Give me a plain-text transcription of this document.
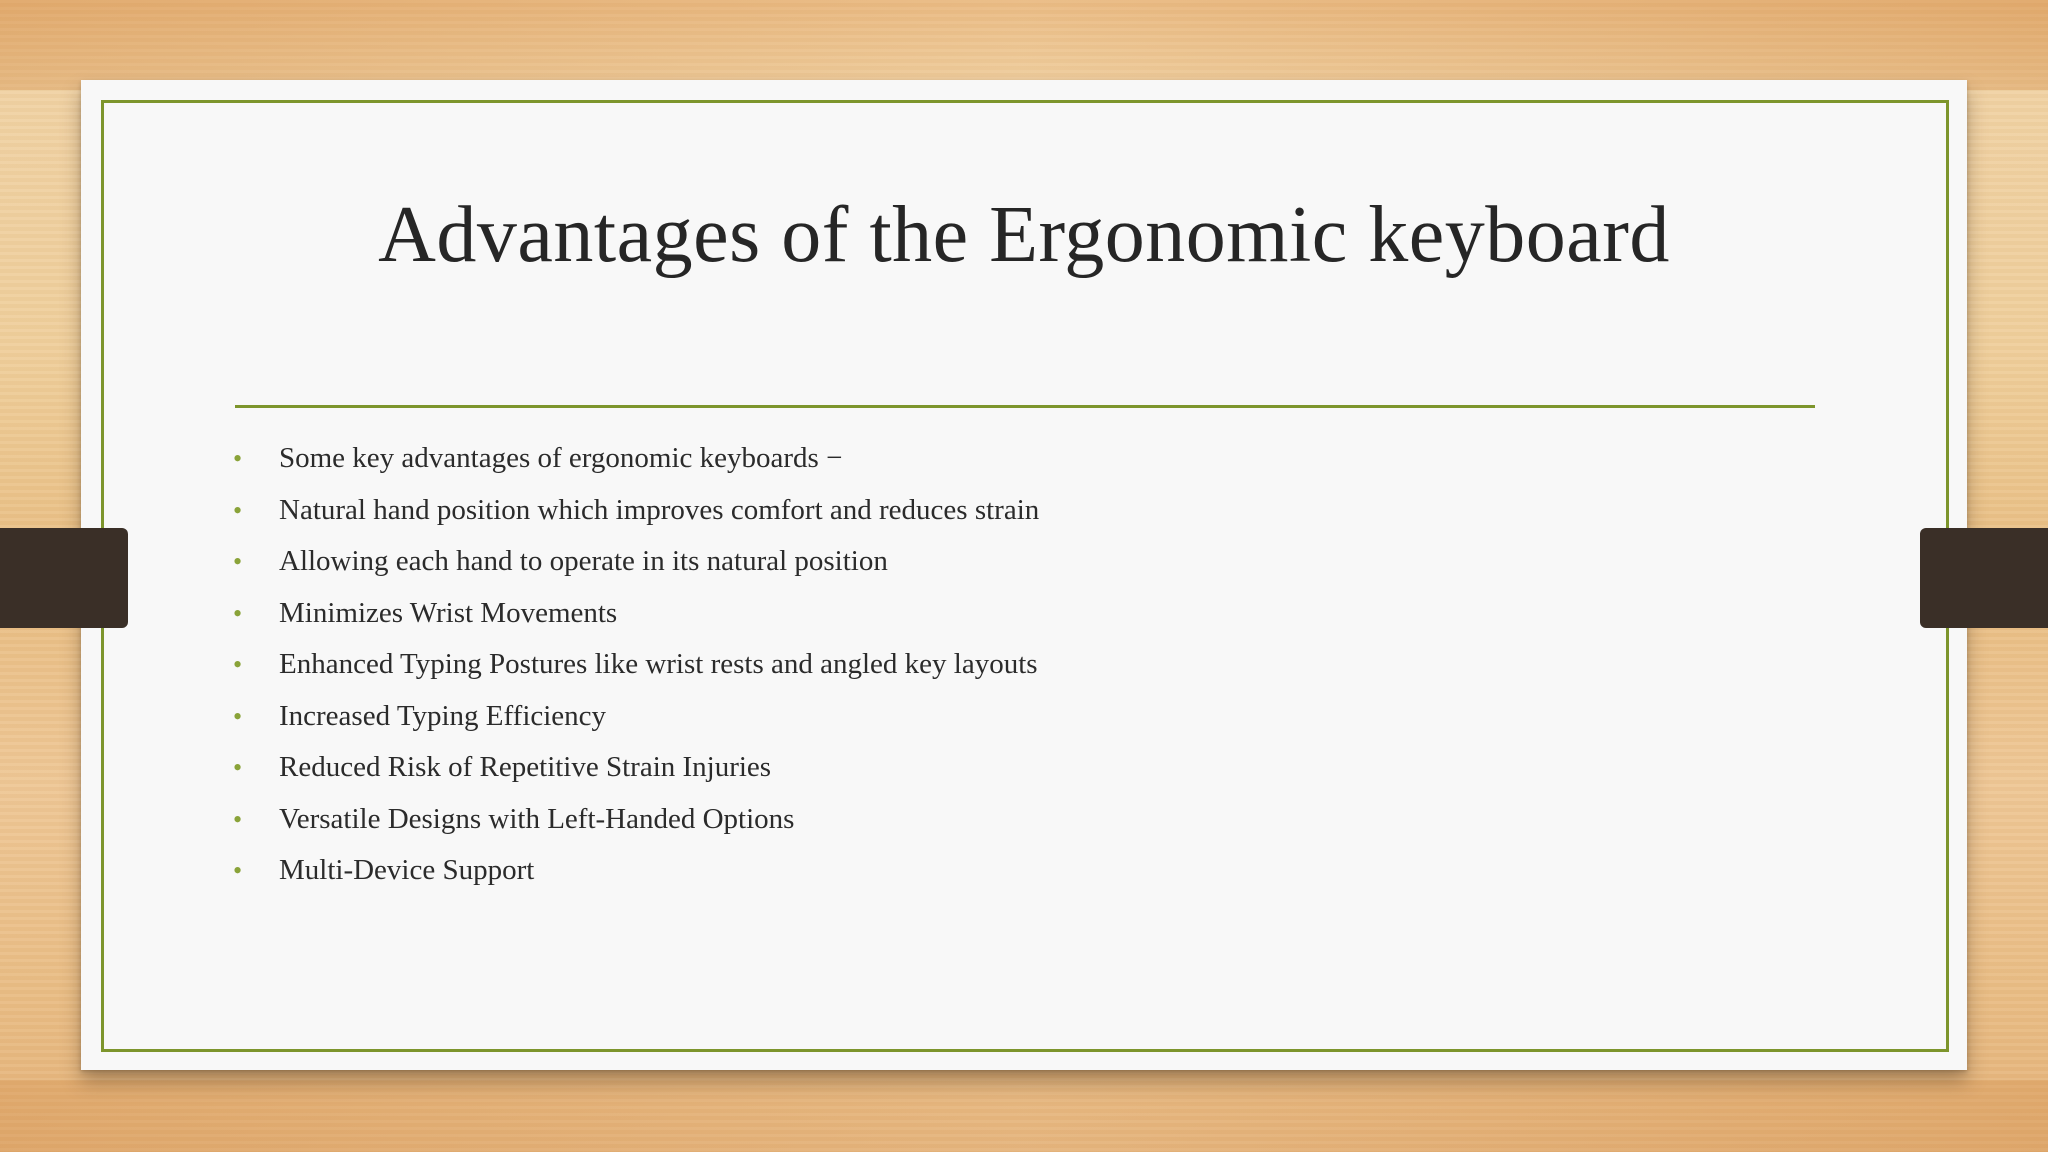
Advantages of the Ergonomic keyboard
• Some key advantages of ergonomic keyboards −
• Natural hand position which improves comfort and reduces strain
• Allowing each hand to operate in its natural position
• Minimizes Wrist Movements
• Enhanced Typing Postures like wrist rests and angled key layouts
• Increased Typing Efficiency
• Reduced Risk of Repetitive Strain Injuries
• Versatile Designs with Left-Handed Options
• Multi-Device Support
